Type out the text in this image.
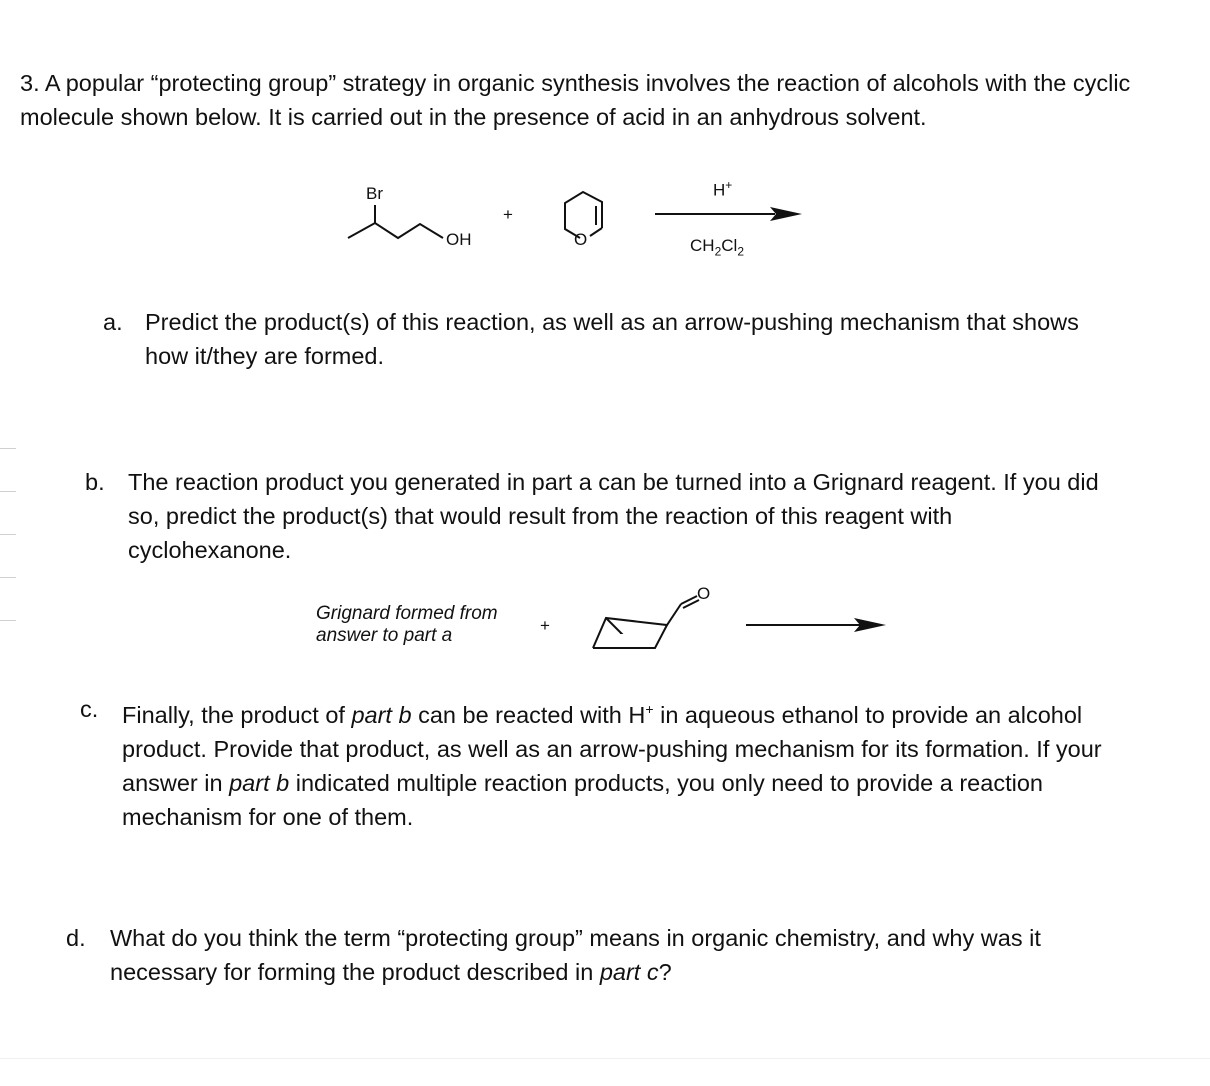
3. A popular “protecting group” strategy in organic synthesis involves the reaction of alcohols with the cyclic molecule shown below. It is carried out in the presence of acid in an anhydrous solvent.

Br
OH
+
O
H+
$CH_2Cl_2$
a. Predict the product(s) of this reaction, as well as an arrow-pushing mechanism that shows how it/they are formed.
b. The reaction product you generated in part a can be turned into a Grignard reagent. If you did so, predict the product(s) that would result from the reaction of this reagent with cyclohexanone.
Grignard formed from
answer to part a	+
O
c.	Finally, the product of part b can be reacted with H+ in aqueous ethanol to provide an alcohol product. Provide that product, as well as an arrow-pushing mechanism for its formation. If your answer in part b indicated multiple reaction products, you only need to provide a reaction mechanism for one of them.
d.	What do you think the term “protecting group” means in organic chemistry, and why was it necessary for forming the product described in part c?
